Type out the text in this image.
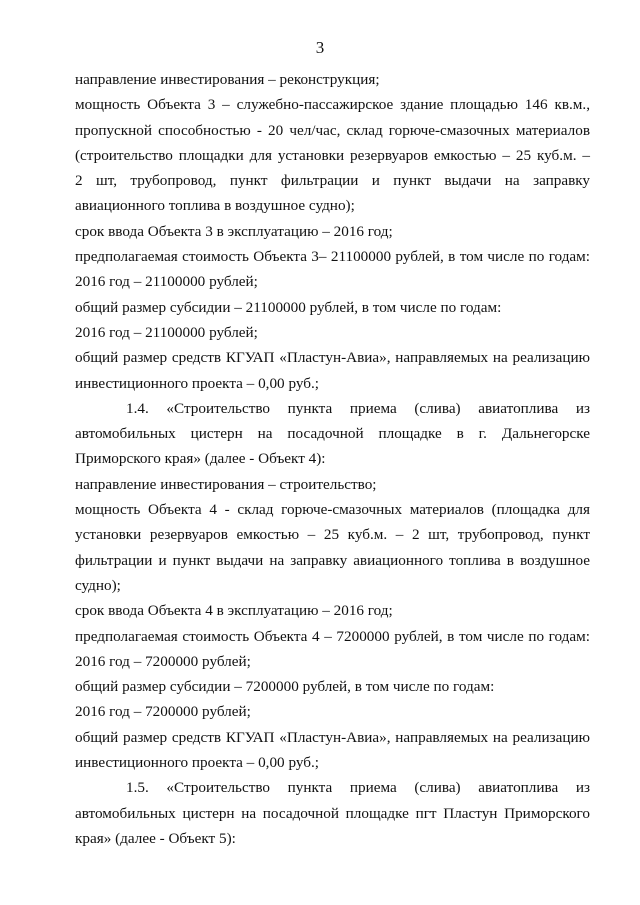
3
направление инвестирования – реконструкция;
мощность Объекта 3 – служебно-пассажирское здание площадью 146 кв.м.,
пропускной способностью - 20 чел/час, склад горюче-смазочных материалов
(строительство площадки для установки резервуаров емкостью – 25 куб.м. –
2 шт, трубопровод, пункт фильтрации и пункт выдачи на заправку
авиационного топлива в воздушное судно);
срок ввода Объекта 3 в эксплуатацию – 2016 год;
предполагаемая стоимость Объекта 3– 21100000 рублей, в том числе по годам:
2016 год – 21100000 рублей;
общий размер субсидии – 21100000 рублей, в том числе по годам:
2016 год – 21100000 рублей;
общий размер средств КГУАП «Пластун-Авиа», направляемых на реализацию
инвестиционного проекта – 0,00 руб.;
1.4. «Строительство пункта приема (слива) авиатоплива из
автомобильных цистерн на посадочной площадке в г. Дальнегорске
Приморского края» (далее - Объект 4):
направление инвестирования – строительство;
мощность Объекта 4 - склад горюче-смазочных материалов (площадка для
установки резервуаров емкостью – 25 куб.м. – 2 шт, трубопровод, пункт
фильтрации и пункт выдачи на заправку авиационного топлива в воздушное
судно);
срок ввода Объекта 4 в эксплуатацию – 2016 год;
предполагаемая стоимость Объекта 4 – 7200000 рублей, в том числе по годам:
2016 год – 7200000 рублей;
общий размер субсидии – 7200000 рублей, в том числе по годам:
2016 год – 7200000 рублей;
общий размер средств КГУАП «Пластун-Авиа», направляемых на реализацию
инвестиционного проекта – 0,00 руб.;
1.5. «Строительство пункта приема (слива) авиатоплива из
автомобильных цистерн на посадочной площадке пгт Пластун Приморского
края» (далее - Объект 5):
